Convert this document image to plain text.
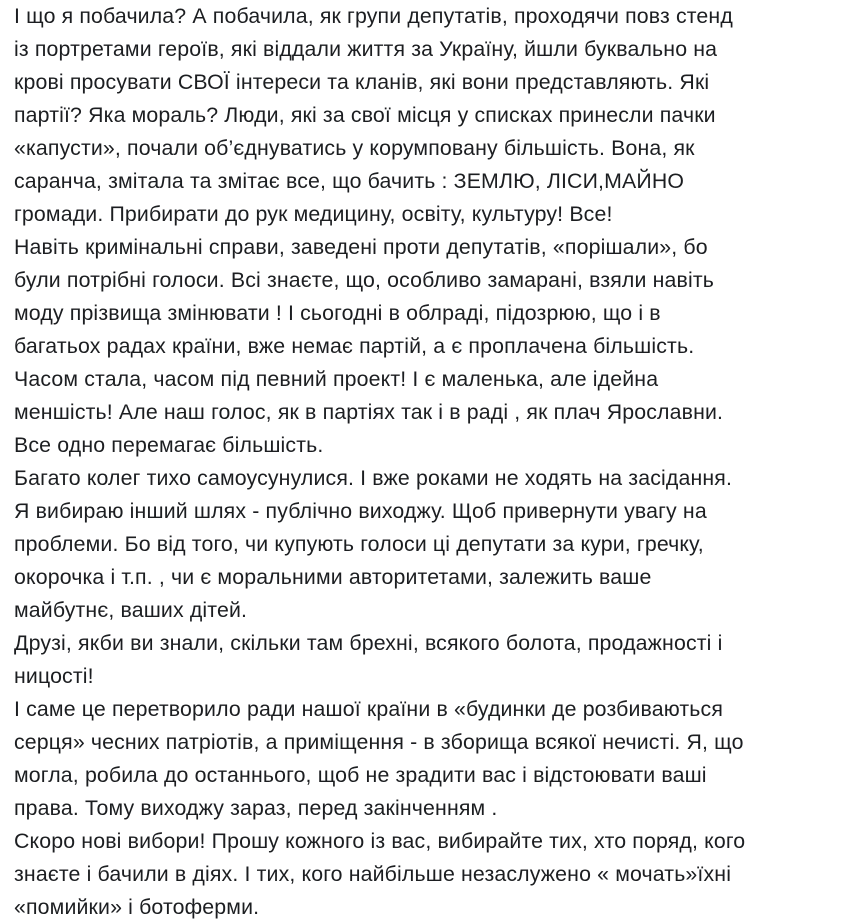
І що я побачила? А побачила, як групи депутатів, проходячи повз стенд
із портретами героїв, які віддали життя за Україну, йшли буквально на
крові просувати СВОЇ інтереси та кланів, які вони представляють. Які
партії? Яка мораль? Люди, які за свої місця у списках принесли пачки
«капусти», почали об’єднуватись у корумповану більшість. Вона, як
саранча, змітала та змітає все, що бачить : ЗЕМЛЮ, ЛІСИ,МАЙНО
громади. Прибирати до рук медицину, освіту, культуру! Все!
Навіть кримінальні справи, заведені проти депутатів, «порішали», бо
були потрібні голоси. Всі знаєте, що, особливо замарані, взяли навіть
моду прізвища змінювати ! І сьогодні в облраді, підозрюю, що і в
багатьох радах країни, вже немає партій, а є проплачена більшість.
Часом стала, часом під певний проект! І є маленька, але ідейна
меншість! Але наш голос, як в партіях так і в раді , як плач Ярославни.
Все одно перемагає більшість.
Багато колег тихо самоусунулися. І вже роками не ходять на засідання.
Я вибираю інший шлях - публічно виходжу. Щоб привернути увагу на
проблеми. Бо від того, чи купують голоси ці депутати за кури, гречку,
окорочка і т.п. , чи є моральними авторитетами, залежить ваше
майбутнє, ваших дітей.
Друзі, якби ви знали, скільки там брехні, всякого болота, продажності і
ницості!
І саме це перетворило ради нашої країни в «будинки де розбиваються
серця» чесних патріотів, а приміщення - в зборища всякої нечисті. Я, що
могла, робила до останнього, щоб не зрадити вас і відстоювати ваші
права. Тому виходжу зараз, перед закінченням .
Скоро нові вибори! Прошу кожного із вас, вибирайте тих, хто поряд, кого
знаєте і бачили в діях. І тих, кого найбільше незаслужено « мочать»їхні
«помийки» і ботоферми.
